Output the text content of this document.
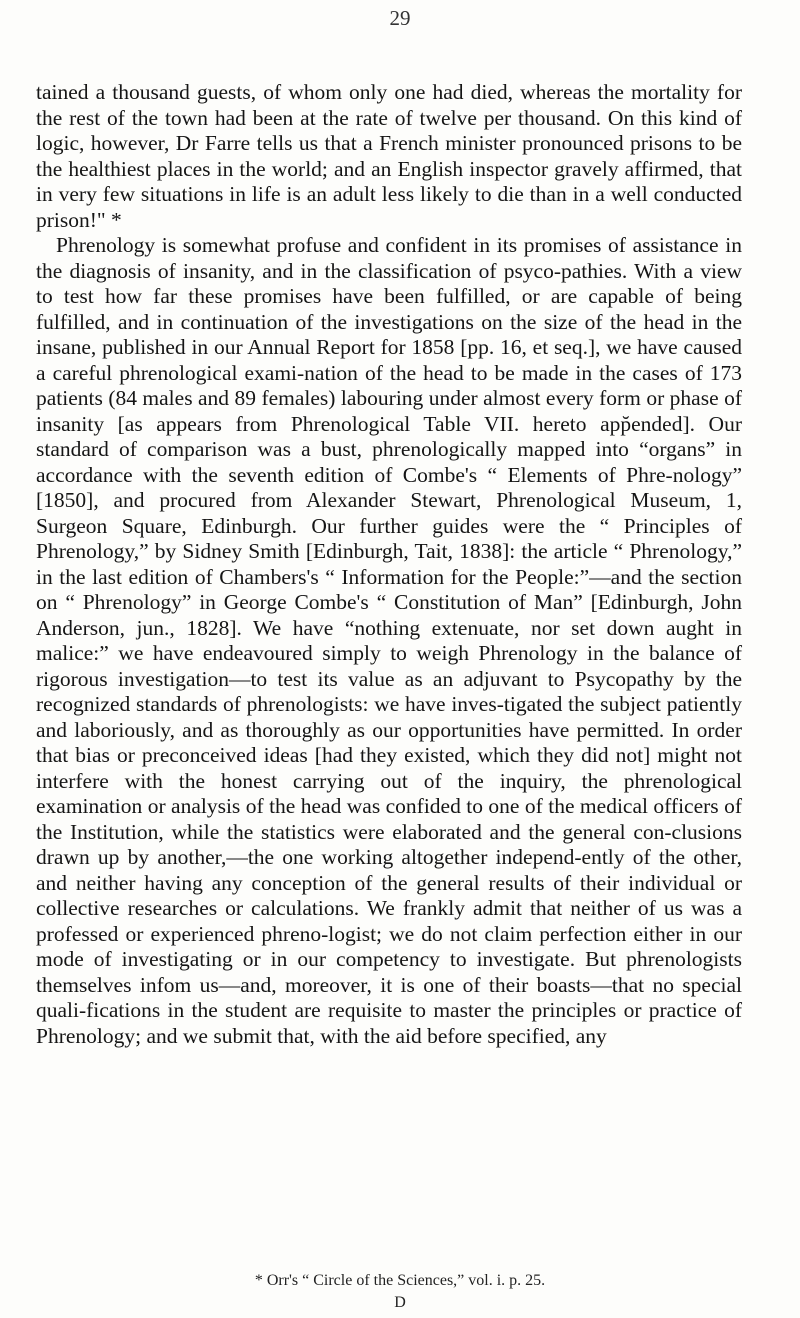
29

tained a thousand guests, of whom only one had died, whereas the mortality for the rest of the town had been at the rate of twelve per thousand. On this kind of logic, however, Dr Farre tells us that a French minister pronounced prisons to be the healthiest places in the world; and an English inspector gravely affirmed, that in very few situations in life is an adult less likely to die than in a well conducted prison!" *

Phrenology is somewhat profuse and confident in its promises of assistance in the diagnosis of insanity, and in the classification of psyco-pathies. With a view to test how far these promises have been fulfilled, or are capable of being fulfilled, and in continuation of the investigations on the size of the head in the insane, published in our Annual Report for 1858 [pp. 16, et seq.], we have caused a careful phrenological exami-nation of the head to be made in the cases of 173 patients (84 males and 89 females) labouring under almost every form or phase of insanity [as appears from Phrenological Table VII. hereto app̆ended]. Our standard of comparison was a bust, phrenologically mapped into “organs” in accordance with the seventh edition of Combe's “ Elements of Phre-nology” [1850], and procured from Alexander Stewart, Phrenological Museum, 1, Surgeon Square, Edinburgh. Our further guides were the “ Principles of Phrenology,” by Sidney Smith [Edinburgh, Tait, 1838]: the article “ Phrenology,” in the last edition of Chambers's “ Information for the People:”—and the section on “ Phrenology” in George Combe's “ Constitution of Man” [Edinburgh, John Anderson, jun., 1828]. We have “nothing extenuate, nor set down aught in malice:” we have endeavoured simply to weigh Phrenology in the balance of rigorous investigation—to test its value as an adjuvant to Psycopathy by the recognized standards of phrenologists: we have inves-tigated the subject patiently and laboriously, and as thoroughly as our opportunities have permitted. In order that bias or preconceived ideas [had they existed, which they did not] might not interfere with the honest carrying out of the inquiry, the phrenological examination or analysis of the head was confided to one of the medical officers of the Institution, while the statistics were elaborated and the general con-clusions drawn up by another,—the one working altogether independ-ently of the other, and neither having any conception of the general results of their individual or collective researches or calculations. We frankly admit that neither of us was a professed or experienced phreno-logist; we do not claim perfection either in our mode of investigating or in our competency to investigate. But phrenologists themselves infom us—and, moreover, it is one of their boasts—that no special quali-fications in the student are requisite to master the principles or practice of Phrenology; and we submit that, with the aid before specified, any

* Orr's “ Circle of the Sciences,” vol. i. p. 25.
D
